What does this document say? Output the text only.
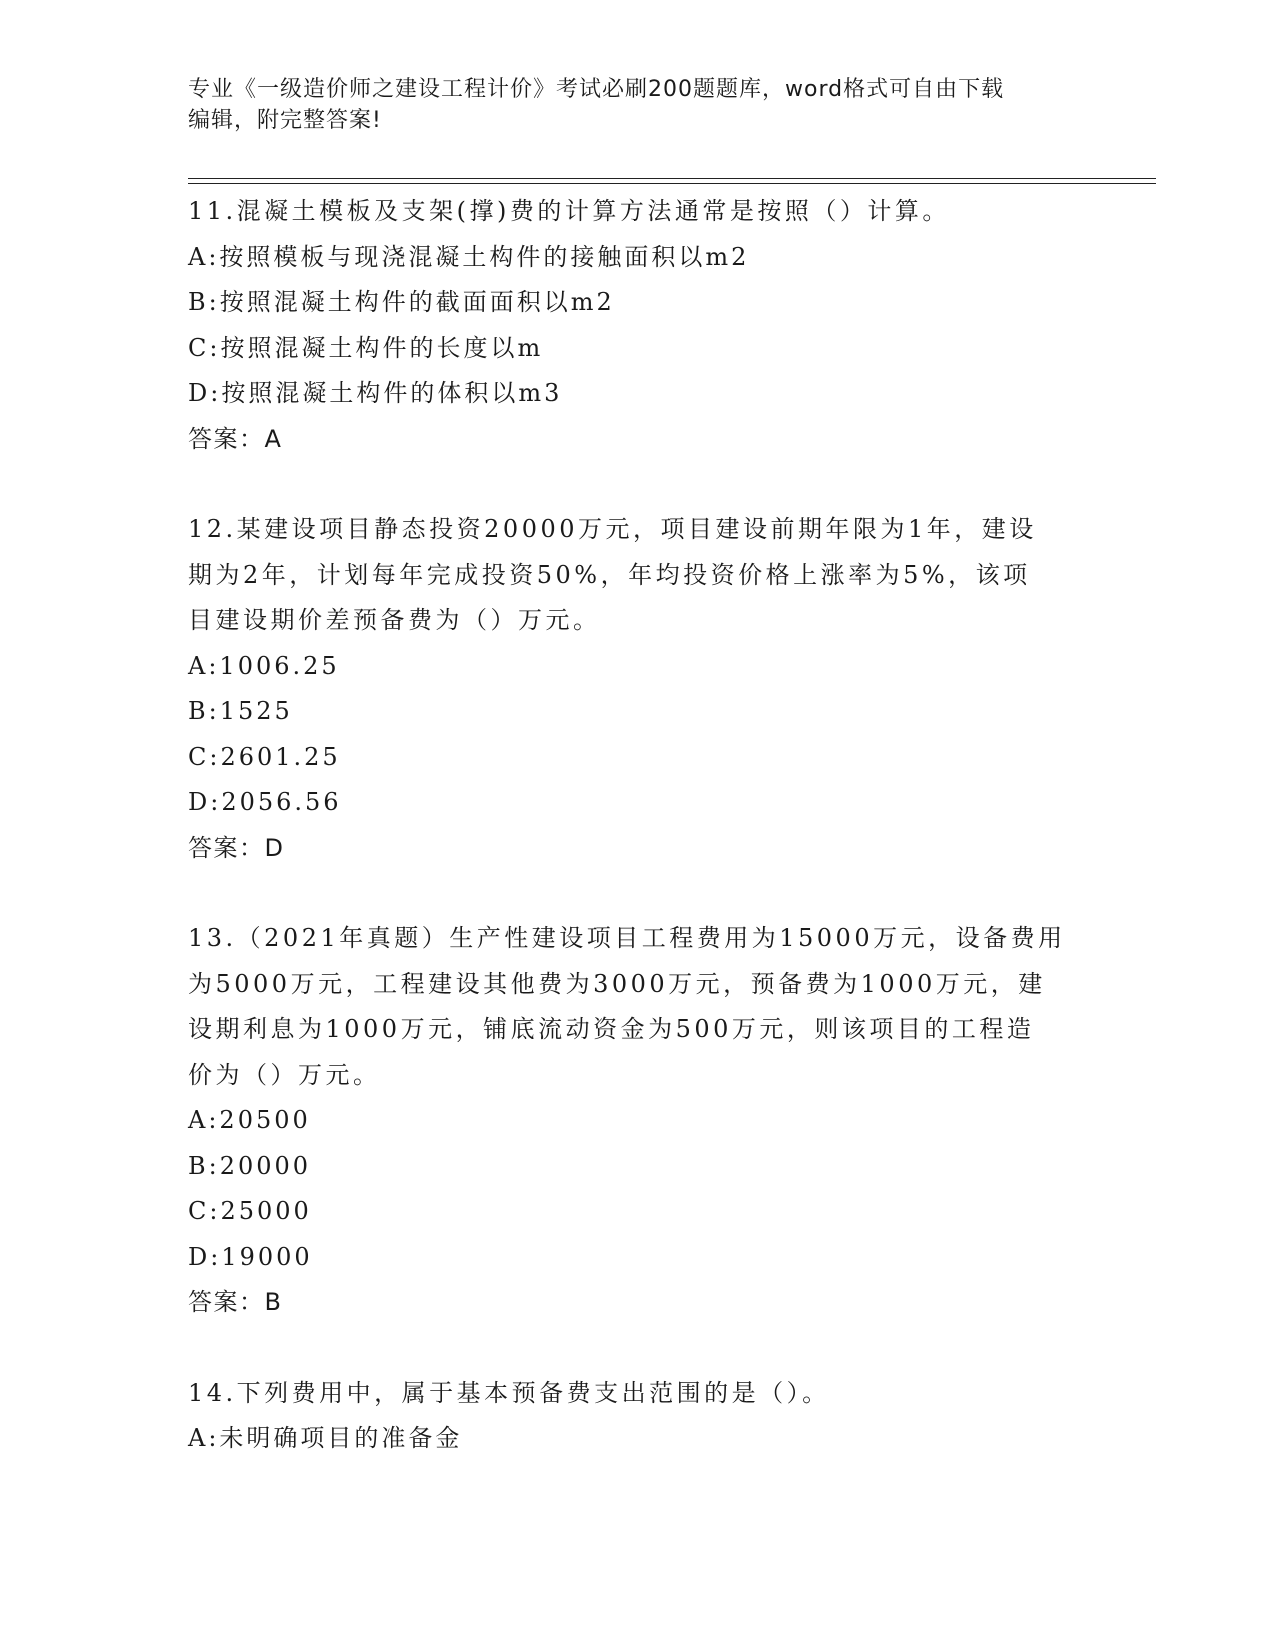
专业《一级造价师之建设工程计价》考试必刷200题题库，word格式可自由下载
编辑，附完整答案!
11.混凝土模板及支架(撑)费的计算方法通常是按照（）计算。
A:按照模板与现浇混凝土构件的接触面积以m2
B:按照混凝土构件的截面面积以m2
C:按照混凝土构件的长度以m
D:按照混凝土构件的体积以m3
答案：A
12.某建设项目静态投资20000万元，项目建设前期年限为1年，建设
期为2年，计划每年完成投资50%，年均投资价格上涨率为5%，该项
目建设期价差预备费为（）万元。
A:1006.25
B:1525
C:2601.25
D:2056.56
答案：D
13.（2021年真题）生产性建设项目工程费用为15000万元，设备费用
为5000万元，工程建设其他费为3000万元，预备费为1000万元，建
设期利息为1000万元，铺底流动资金为500万元，则该项目的工程造
价为（）万元。
A:20500
B:20000
C:25000
D:19000
答案：B
14.下列费用中，属于基本预备费支出范围的是（）。
A:未明确项目的准备金
